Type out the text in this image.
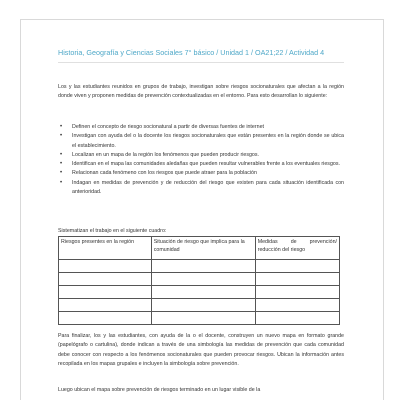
Historia, Geografía y Ciencias Sociales 7° básico / Unidad 1 / OA21;22 / Actividad 4
Los y las estudiantes reunidos en grupos de trabajo, investigan sobre riesgos socionaturales que afectan a la región donde viven y proponen medidas de prevención contextualizadas en el entorno. Para esto desarrollan lo siguiente:
• Definen el concepto de riesgo socionatural a partir de diversas fuentes de internet
• Investigan con ayuda del o la docente los riesgos socionaturales que están presentes en la región donde se ubica el establecimiento.
• Localizan en un mapa de la región los fenómenos que pueden producir riesgos.
• Identifican en el mapa las comunidades aledañas que pueden resultar vulnerables frente a los eventuales riesgos.
• Relacionan cada fenómeno con los riesgos que puede atraer para la población
• Indagan en medidas de prevención y de reducción del riesgo que existen para cada situación identificada con anterioridad.
Sistematizan el trabajo en el siguiente cuadro:
Riesgos presentes en la región	Situación de riesgo que implica para la comunidad	Medidas de prevención/ reducción del riesgo

Para finalizar, los y las estudiantes, con ayuda de la o el docente, construyen un nuevo mapa en formato grande (papelógrafo o cartulina), donde indican a través de una simbología las medidas de prevención que cada comunidad debe conocer con respecto a los fenómenos socionaturales que pueden provocar riesgos. Ubican la información antes recopilada en los mapas grupales e incluyen la simbología sobre prevención.
Luego ubican el mapa sobre prevención de riesgos terminado en un lugar visible de la
